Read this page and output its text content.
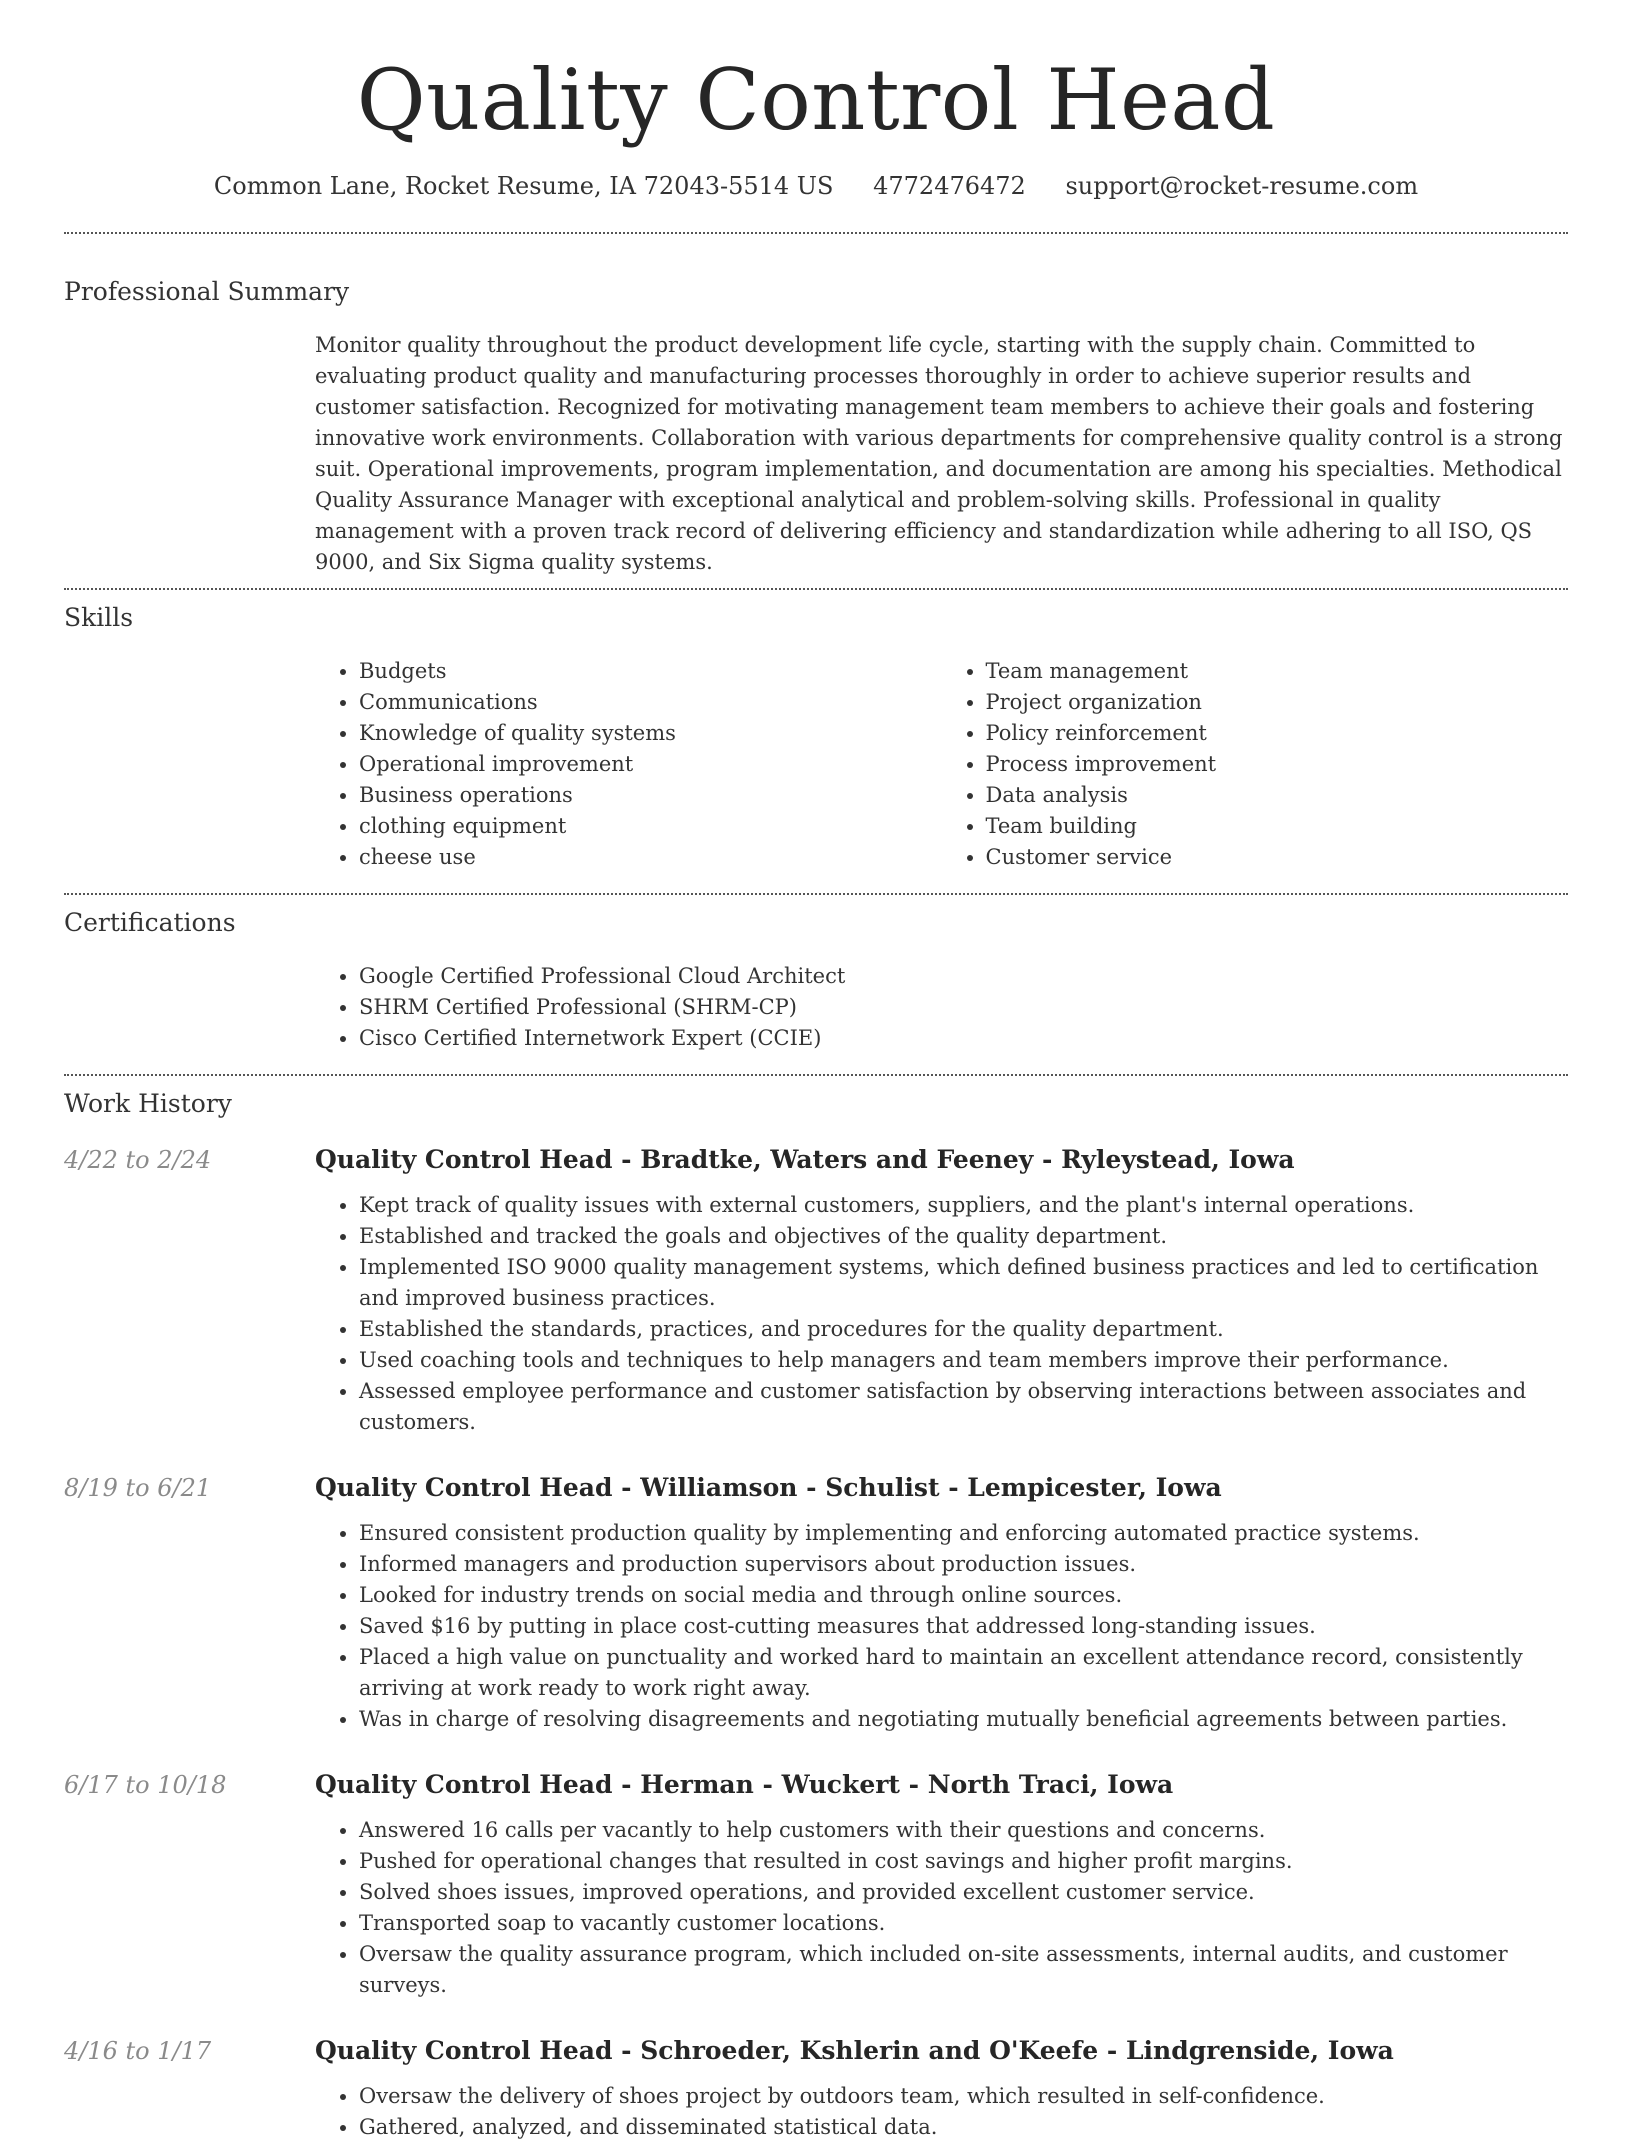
Quality Control Head
Common Lane, Rocket Resume, IA 72043-5514 US 4772476472 support@rocket-resume.com
Professional Summary

Monitor quality throughout the product development life cycle, starting with the supply chain. Committed to evaluating product quality and manufacturing processes thoroughly in order to achieve superior results and customer satisfaction. Recognized for motivating management team members to achieve their goals and fostering innovative work environments. Collaboration with various departments for comprehensive quality control is a strong suit. Operational improvements, program implementation, and documentation are among his specialties. Methodical Quality Assurance Manager with exceptional analytical and problem-solving skills. Professional in quality management with a proven track record of delivering efficiency and standardization while adhering to all ISO, QS 9000, and Six Sigma quality systems.

Skills
• Budgets
• Communications
• Knowledge of quality systems
• Operational improvement
• Business operations
• clothing equipment
• cheese use
• Team management
• Project organization
• Policy reinforcement
• Process improvement
• Data analysis
• Team building
• Customer service
Certifications
• Google Certified Professional Cloud Architect
• SHRM Certified Professional (SHRM-CP)
• Cisco Certified Internetwork Expert (CCIE)
Work History
4/22 to 2/24	Quality Control Head - Bradtke, Waters and Feeney - Ryleystead, Iowa
• Kept track of quality issues with external customers, suppliers, and the plant's internal operations.
• Established and tracked the goals and objectives of the quality department.
• Implemented ISO 9000 quality management systems, which defined business practices and led to certification and improved business practices.
• Established the standards, practices, and procedures for the quality department.
• Used coaching tools and techniques to help managers and team members improve their performance.
• Assessed employee performance and customer satisfaction by observing interactions between associates and customers.
8/19 to 6/21	Quality Control Head - Williamson - Schulist - Lempicester, Iowa
• Ensured consistent production quality by implementing and enforcing automated practice systems.
• Informed managers and production supervisors about production issues.
• Looked for industry trends on social media and through online sources.
• Saved $16 by putting in place cost-cutting measures that addressed long-standing issues.
• Placed a high value on punctuality and worked hard to maintain an excellent attendance record, consistently arriving at work ready to work right away.
• Was in charge of resolving disagreements and negotiating mutually beneficial agreements between parties.
6/17 to 10/18	Quality Control Head - Herman - Wuckert - North Traci, Iowa
• Answered 16 calls per vacantly to help customers with their questions and concerns.
• Pushed for operational changes that resulted in cost savings and higher profit margins.
• Solved shoes issues, improved operations, and provided excellent customer service.
• Transported soap to vacantly customer locations.
• Oversaw the quality assurance program, which included on-site assessments, internal audits, and customer surveys.
4/16 to 1/17	Quality Control Head - Schroeder, Kshlerin and O'Keefe - Lindgrenside, Iowa
• Oversaw the delivery of shoes project by outdoors team, which resulted in self-confidence.
• Gathered, analyzed, and disseminated statistical data.
